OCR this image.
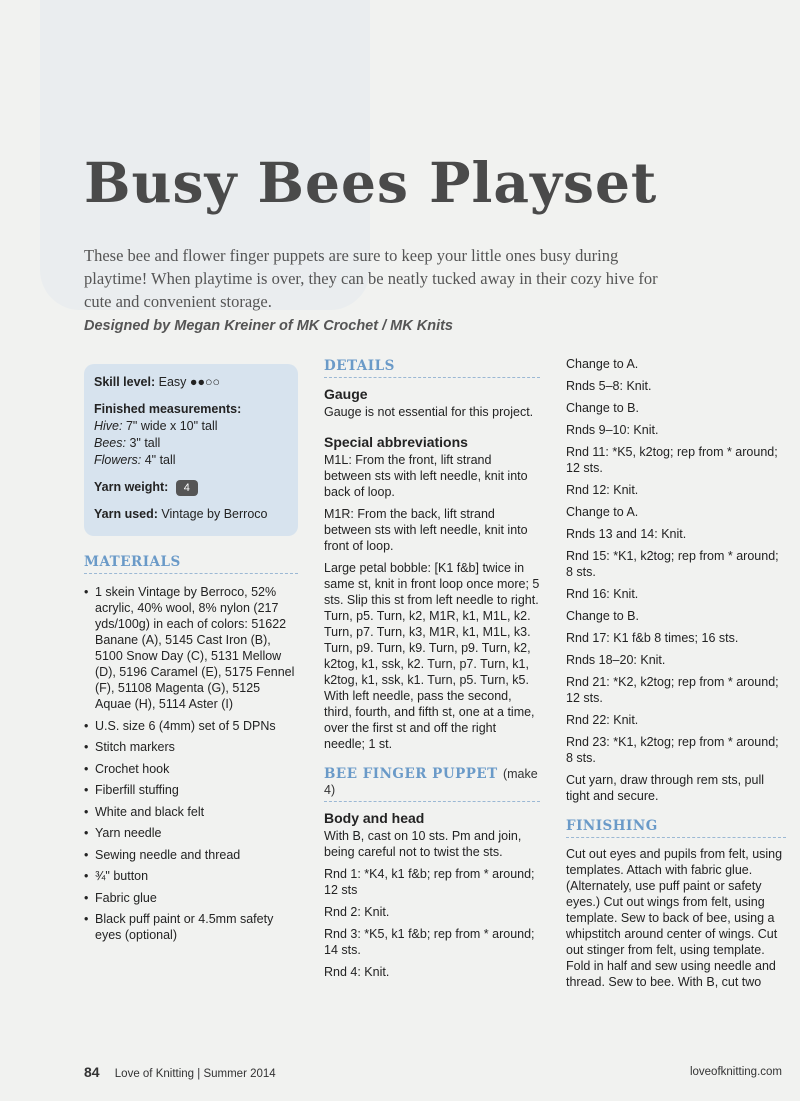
Busy Bees Playset

These bee and flower finger puppets are sure to keep your little ones busy during playtime! When playtime is over, they can be neatly tucked away in their cozy hive for cute and convenient storage.

Designed by Megan Kreiner of MK Crochet / MK Knits

Skill level: Easy ●●○○
Finished measurements:
Hive: 7" wide x 10" tall
Bees: 3" tall
Flowers: 4" tall
Yarn weight: 4
Yarn used: Vintage by Berroco
MATERIALS
• 1 skein Vintage by Berroco, 52% acrylic, 40% wool, 8% nylon (217 yds/100g) in each of colors: 51622 Banane (A), 5145 Cast Iron (B), 5100 Snow Day (C), 5131 Mellow (D), 5196 Caramel (E), 5175 Fennel (F), 51108 Magenta (G), 5125 Aquae (H), 5114 Aster (I)
• U.S. size 6 (4mm) set of 5 DPNs
• Stitch markers
• Crochet hook
• Fiberfill stuffing
• White and black felt
• Yarn needle
• Sewing needle and thread
• ¾" button
• Fabric glue
• Black puff paint or 4.5mm safety eyes (optional)
DETAILS
Gauge

Gauge is not essential for this project.

Special abbreviations

M1L: From the front, lift strand between sts with left needle, knit into back of loop.

M1R: From the back, lift strand between sts with left needle, knit into front of loop.

Large petal bobble: [K1 f&b] twice in same st, knit in front loop once more; 5 sts. Slip this st from left needle to right. Turn, p5. Turn, k2, M1R, k1, M1L, k2. Turn, p7. Turn, k3, M1R, k1, M1L, k3. Turn, p9. Turn, k9. Turn, p9. Turn, k2, k2tog, k1, ssk, k2. Turn, p7. Turn, k1, k2tog, k1, ssk, k1. Turn, p5. Turn, k5. With left needle, pass the second, third, fourth, and fifth st, one at a time, over the first st and off the right needle; 1 st.

BEE FINGER PUPPET (make 4)
Body and head

With B, cast on 10 sts. Pm and join, being careful not to twist the sts.

Rnd 1: *K4, k1 f&b; rep from * around; 12 sts

Rnd 2: Knit.

Rnd 3: *K5, k1 f&b; rep from * around; 14 sts.

Rnd 4: Knit.

Change to A.

Rnds 5–8: Knit.

Change to B.

Rnds 9–10: Knit.

Rnd 11: *K5, k2tog; rep from * around; 12 sts.

Rnd 12: Knit.

Change to A.

Rnds 13 and 14: Knit.

Rnd 15: *K1, k2tog; rep from * around; 8 sts.

Rnd 16: Knit.

Change to B.

Rnd 17: K1 f&b 8 times; 16 sts.

Rnds 18–20: Knit.

Rnd 21: *K2, k2tog; rep from * around; 12 sts.

Rnd 22: Knit.

Rnd 23: *K1, k2tog; rep from * around; 8 sts.

Cut yarn, draw through rem sts, pull tight and secure.

FINISHING

Cut out eyes and pupils from felt, using templates. Attach with fabric glue. (Alternately, use puff paint or safety eyes.) Cut out wings from felt, using template. Sew to back of bee, using a whipstitch around center of wings. Cut out stinger from felt, using template. Fold in half and sew using needle and thread. Sew to bee. With B, cut two

84 Love of Knitting | Summer 2014	loveofknitting.com
